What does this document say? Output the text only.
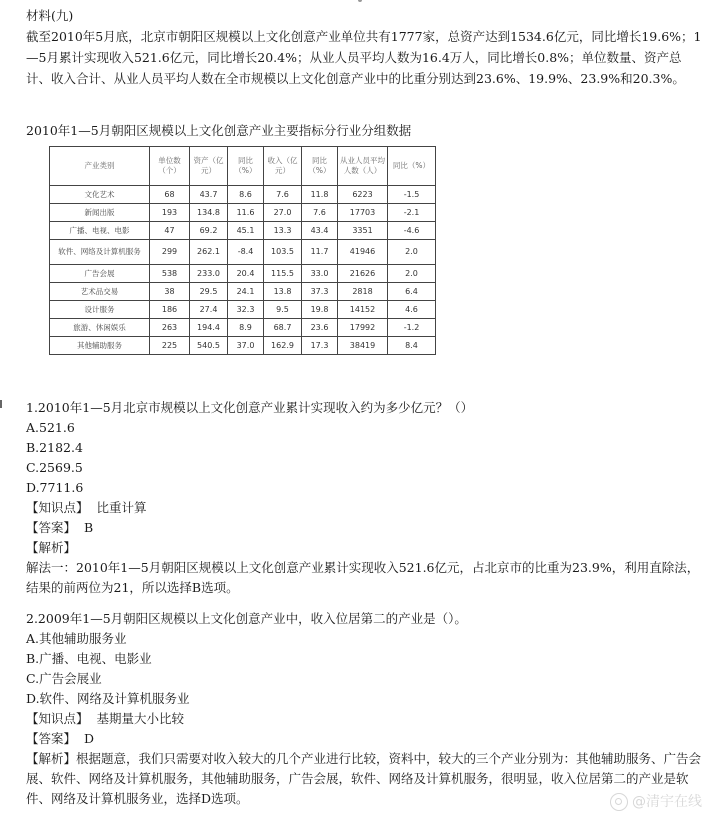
材料(九)
截至2010年5月底，北京市朝阳区规模以上文化创意产业单位共有1777家，总资产达到1534.6亿元，同比增长19.6%；1—5月累计实现收入521.6亿元，同比增长20.4%；从业人员平均人数为16.4万人，同比增长0.8%；单位数量、资产总计、收入合计、从业人员平均人数在全市规模以上文化创意产业中的比重分别达到23.6%、19.9%、23.9%和20.3%。
2010年1—5月朝阳区规模以上文化创意产业主要指标分行业分组数据
产业类别	单位数（个）	资产（亿元）	同比（%）	收入（亿元）	同比（%）	从业人员平均人数（人）	同比（%）
文化艺术	68	43.7	8.6	7.6	11.8	6223	-1.5
新闻出版	193	134.8	11.6	27.0	7.6	17703	-2.1
广播、电视、电影	47	69.2	45.1	13.3	43.4	3351	-4.6
软件、网络及计算机服务	299	262.1	-8.4	103.5	11.7	41946	2.0
广告会展	538	233.0	20.4	115.5	33.0	21626	2.0
艺术品交易	38	29.5	24.1	13.8	37.3	2818	6.4
设计服务	186	27.4	32.3	9.5	19.8	14152	4.6
旅游、休闲娱乐	263	194.4	8.9	68.7	23.6	17992	-1.2
其他辅助服务	225	540.5	37.0	162.9	17.3	38419	8.4
1.2010年1—5月北京市规模以上文化创意产业累计实现收入约为多少亿元？（）
A.521.6
B.2182.4
C.2569.5
D.7711.6
【知识点】 比重计算
【答案】 B
【解析】
解法一：2010年1—5月朝阳区规模以上文化创意产业累计实现收入521.6亿元，占北京市的比重为23.9%，利用直除法，结果的前两位为21，所以选择B选项。
2.2009年1—5月朝阳区规模以上文化创意产业中，收入位居第二的产业是（）。
A.其他辅助服务业
B.广播、电视、电影业
C.广告会展业
D.软件、网络及计算机服务业
【知识点】 基期量大小比较
【答案】 D
【解析】根据题意，我们只需要对收入较大的几个产业进行比较，资料中，较大的三个产业分别为：其他辅助服务、广告会展、软件、网络及计算机服务，其他辅助服务，广告会展，软件、网络及计算机服务，很明显，收入位居第二的产业是软件、网络及计算机服务业，选择D选项。	@清宇在线
